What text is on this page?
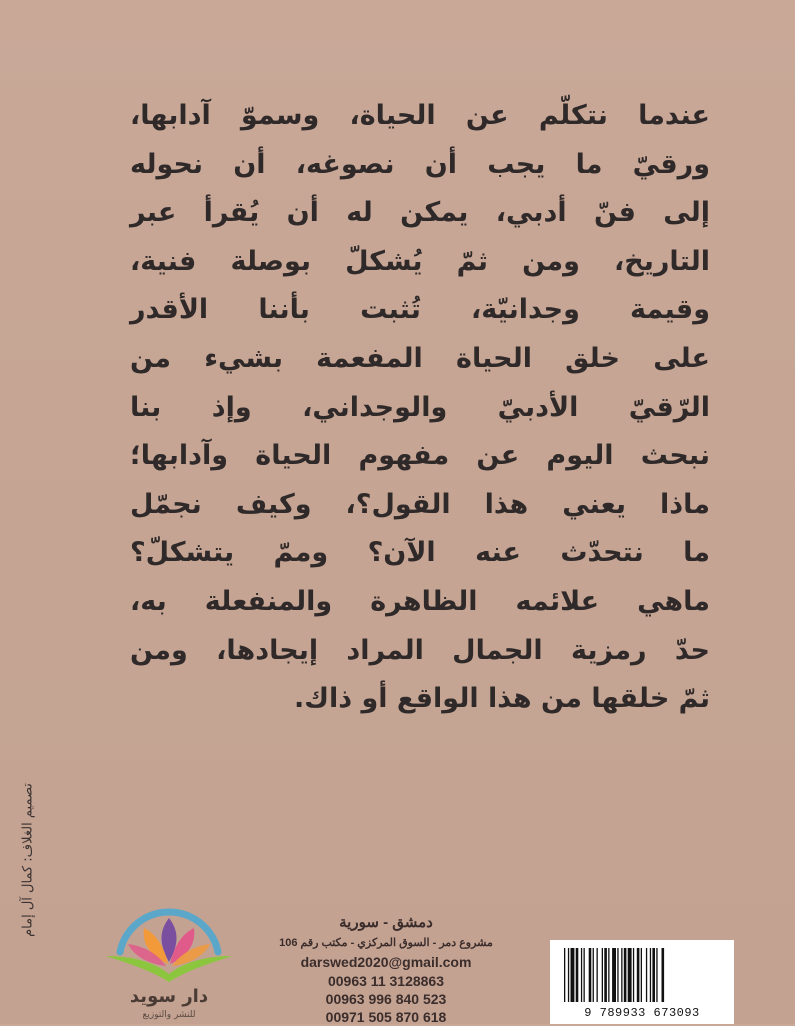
عندما نتكلّم عن الحياة، وسموّ آدابها،
ورقيّ ما يجب أن نصوغه، أن نحوله
إلى فنّ أدبي، يمكن له أن يُقرأ عبر
التاريخ، ومن ثمّ يُشكلّ بوصلة فنية،
وقيمة وجدانيّة، تُثبت بأننا الأقدر
على خلق الحياة المفعمة بشيء من
الرّقيّ الأدبيّ والوجداني، وإذ بنا
نبحث اليوم عن مفهوم الحياة وآدابها؛
ماذا يعني هذا القول؟، وكيف نجمّل
ما نتحدّث عنه الآن؟ وممّ يتشكلّ؟
ماهي علائمه الظاهرة والمنفعلة به،
حدّ رمزية الجمال المراد إيجادها، ومن
ثمّ خلقها من هذا الواقع أو ذاك.
تصميم الغلاف: كمال آل إمام
دار سويد
للنشر والتوزيع
دمشق - سورية
مشروع دمر - السوق المركزي - مكتب رقم 106
darswed2020@gmail.com
00963 11 3128863
00963 996 840 523
00971 505 870 618	9 789933 673093
